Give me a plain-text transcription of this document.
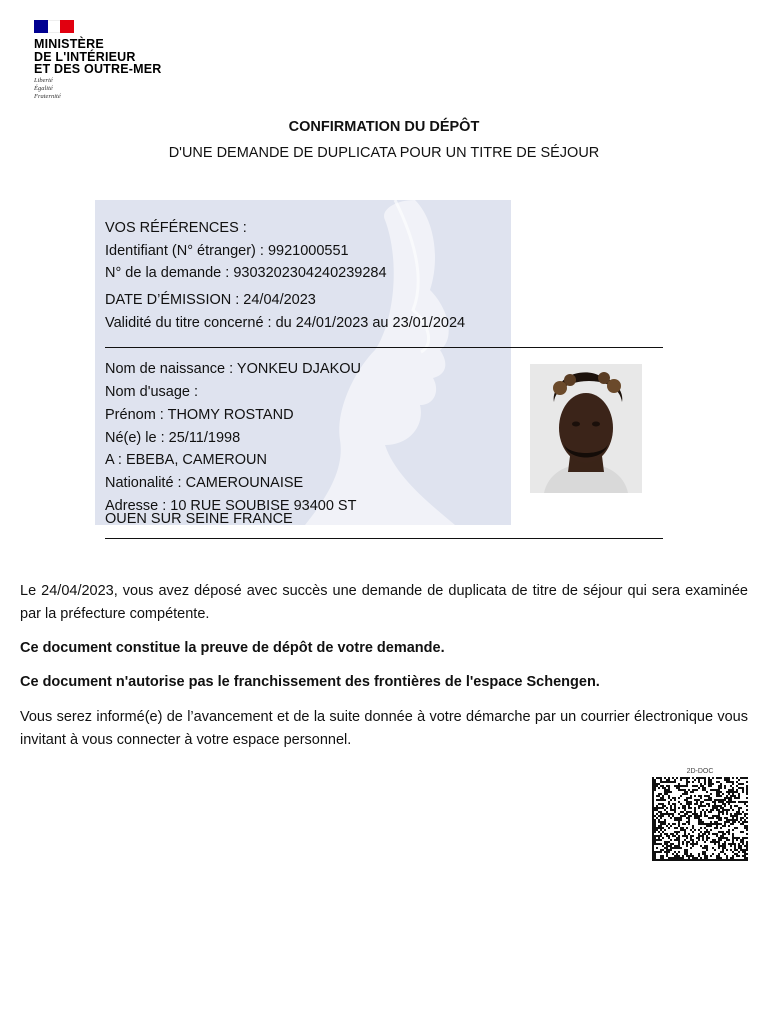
MINISTÈRE
DE L'INTÉRIEUR
ET DES OUTRE-MER
Liberté
Égalité
Fraternité
CONFIRMATION DU DÉPÔT
D'UNE DEMANDE DE DUPLICATA POUR UN TITRE DE SÉJOUR
VOS RÉFÉRENCES :
Identifiant (N° étranger) : 9921000551
N° de la demande : 9303202304240239284
DATE D’ÉMISSION : 24/04/2023
Validité du titre concerné : du 24/01/2023 au 23/01/2024
Nom de naissance : YONKEU DJAKOU
Nom d'usage :
Prénom : THOMY ROSTAND
Né(e) le : 25/11/1998
A : EBEBA, CAMEROUN
Nationalité : CAMEROUNAISE
Adresse : 10 RUE SOUBISE 93400 ST
OUEN SUR SEINE FRANCE
Le 24/04/2023, vous avez déposé avec succès une demande de duplicata de titre de séjour qui sera examinée par la préfecture compétente.
Ce document constitue la preuve de dépôt de votre demande.
Ce document n'autorise pas le franchissement des frontières de l'espace Schengen.
Vous serez informé(e) de l’avancement et de la suite donnée à votre démarche par un courrier électronique vous invitant à vous connecter à votre espace personnel.
2D-DOC
